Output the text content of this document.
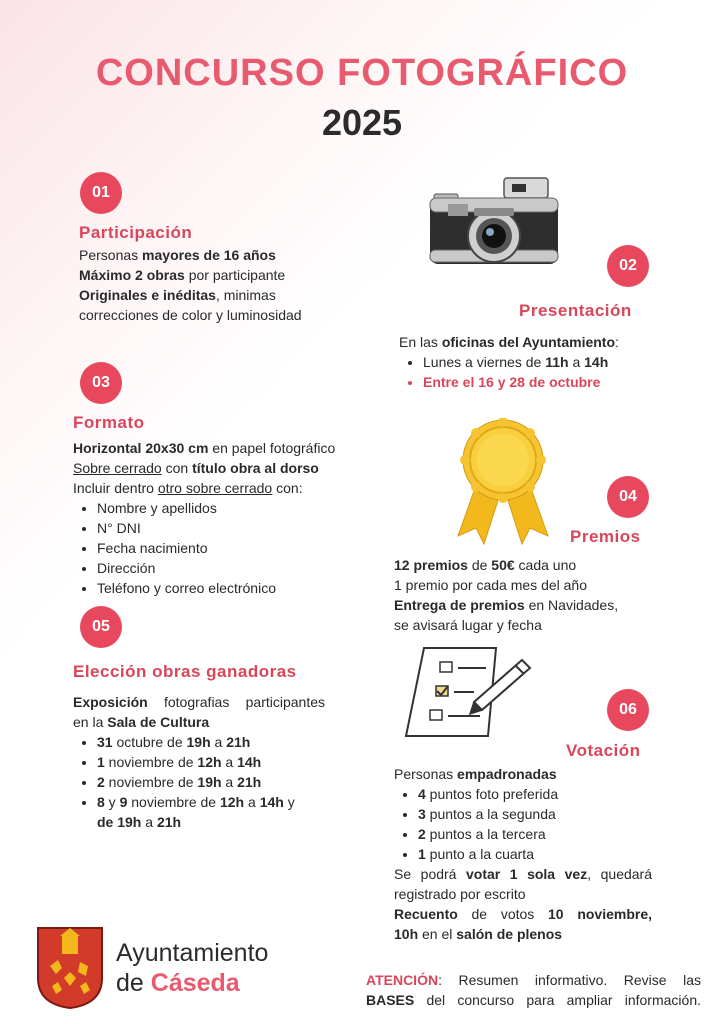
CONCURSO FOTOGRÁFICO
2025
01
Participación
Personas mayores de 16 años
Máximo 2 obras por participante
Originales e inéditas, minimas
correcciones de color y luminosidad
02
Presentación
En las oficinas del Ayuntamiento:
• Lunes a viernes de 11h a 14h
• Entre el 16 y 28 de octubre
03
Formato
Horizontal 20x30 cm en papel fotográfico
Sobre cerrado con título obra al dorso
Incluir dentro otro sobre cerrado con:
• Nombre y apellidos
• N° DNI
• Fecha nacimiento
• Dirección
• Teléfono y correo electrónico
04
Premios
12 premios de 50€ cada uno
1 premio por cada mes del año
Entrega de premios en Navidades,
se avisará lugar y fecha
05
Elección obras ganadoras
Exposición fotografias participantes
en la Sala de Cultura
• 31 octubre de 19h a 21h
• 1 noviembre de 12h a 14h
• 2 noviembre de 19h a 21h
• 8 y 9 noviembre de 12h a 14h y
de 19h a 21h
06
Votación
Personas empadronadas
• 4 puntos foto preferida
• 3 puntos a la segunda
• 2 puntos a la tercera
• 1 punto a la cuarta
Se podrá votar 1 sola vez, quedará
registrado por escrito
Recuento de votos 10 noviembre,
10h en el salón de plenos
Ayuntamiento
de Cáseda	ATENCIÓN: Resumen informativo. Revise las
BASES del concurso para ampliar información.
